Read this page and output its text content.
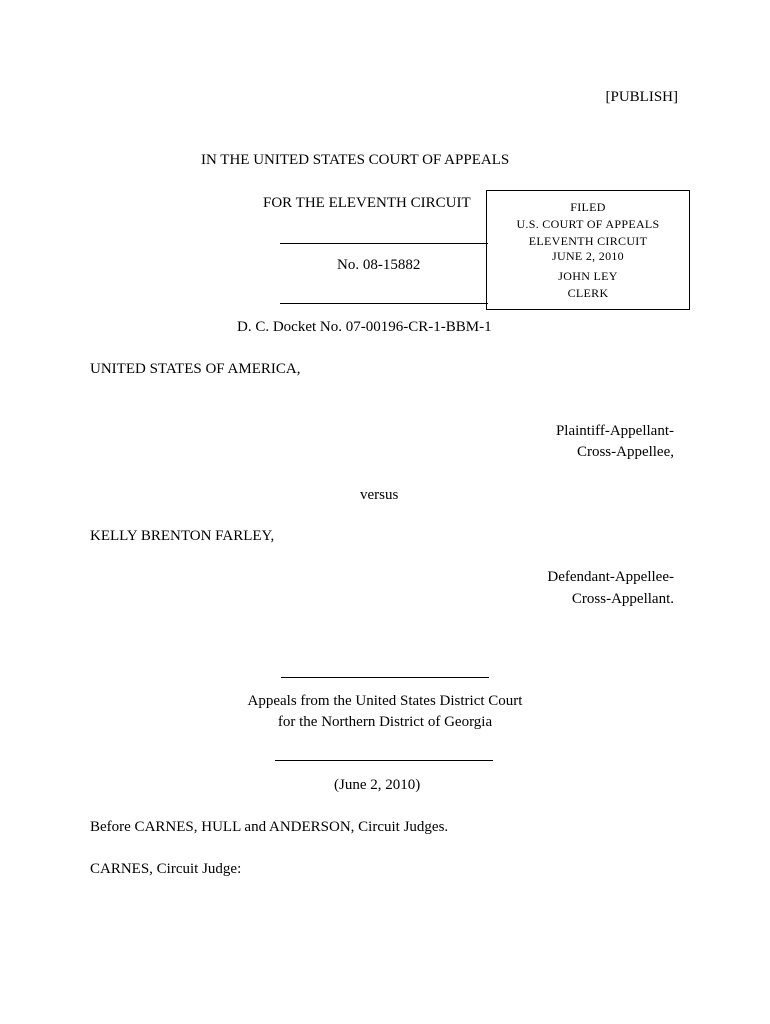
[PUBLISH]
IN THE UNITED STATES COURT OF APPEALS
FOR THE ELEVENTH CIRCUIT
No. 08-15882
FILED
U.S. COURT OF APPEALS
ELEVENTH CIRCUIT
JUNE 2, 2010
JOHN LEY
CLERK
D. C. Docket No. 07-00196-CR-1-BBM-1
UNITED STATES OF AMERICA,
Plaintiff-Appellant-
Cross-Appellee,
versus
KELLY BRENTON FARLEY,
Defendant-Appellee-
Cross-Appellant.
Appeals from the United States District Court
for the Northern District of Georgia
(June 2, 2010)
Before CARNES, HULL and ANDERSON, Circuit Judges.
CARNES, Circuit Judge:
